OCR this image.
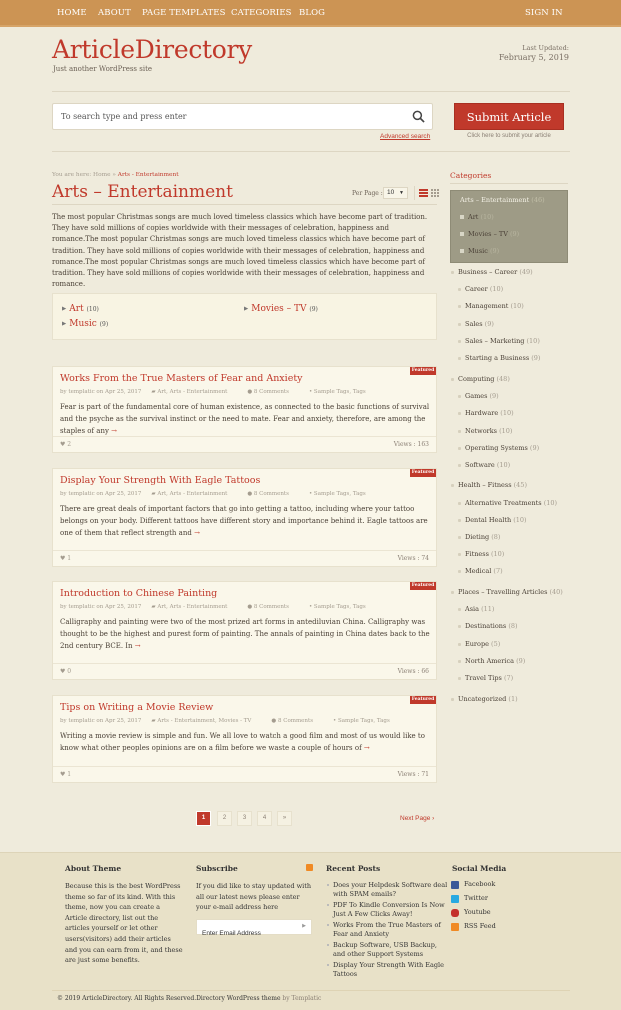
HOME ABOUT PAGE TEMPLATES CATEGORIES BLOG	SIGN IN
ArticleDirectory
Just another WordPress site
Last Updated:
February 5, 2019
To search type and press enter
Advanced search
Submit Article
Click here to submit your article
You are here: Home » Arts - Entertainment
Arts – Entertainment	Per Page : 10 ▼
The most popular Christmas songs are much loved timeless classics which have become part of tradition. They have sold millions of copies worldwide with their messages of celebration, happiness and romance.The most popular Christmas songs are much loved timeless classics which have become part of tradition. They have sold millions of copies worldwide with their messages of celebration, happiness and romance.The most popular Christmas songs are much loved timeless classics which have become part of tradition. They have sold millions of copies worldwide with their messages of celebration, happiness and romance.
▶ Art (10)	▶ Movies – TV (9)
▶ Music (9)
Featured
Works From the True Masters of Fear and Anxiety
by templatic on Apr 25, 2017 ▰ Art, Arts - Entertainment	● 8 Comments	• Sample Tags, Tags
Fear is part of the fundamental core of human existence, as connected to the basic functions of survival and the psyche as the survival instinct or the need to mate. Fear and anxiety, therefore, are among the staples of any →
♥ 2	Views : 163
Featured
Display Your Strength With Eagle Tattoos
by templatic on Apr 25, 2017 ▰ Art, Arts - Entertainment	● 8 Comments	• Sample Tags, Tags
There are great deals of important factors that go into getting a tattoo, including where your tattoo belongs on your body. Different tattoos have different story and importance behind it. Eagle tattoos are one of them that reflect strength and →
♥ 1	Views : 74
Featured
Introduction to Chinese Painting
by templatic on Apr 25, 2017 ▰ Art, Arts - Entertainment	● 8 Comments	• Sample Tags, Tags
Calligraphy and painting were two of the most prized art forms in antediluvian China. Calligraphy was thought to be the highest and purest form of painting. The annals of painting in China dates back to the 2nd century BCE. In →
♥ 0	Views : 66
Featured
Tips on Writing a Movie Review
by templatic on Apr 25, 2017 ▰ Arts - Entertainment, Movies - TV	● 8 Comments	• Sample Tags, Tags
Writing a movie review is simple and fun. We all love to watch a good film and most of us would like to know what other peoples opinions are on a film before we waste a couple of hours of →
♥ 1	Views : 71
1	2	3	4	»	Next Page ›
Categories
Arts – Entertainment (46)
Art (10)
Movies – TV (9)
Music (9)
Business – Career (49)
Career (10)
Management (10)
Sales (9)
Sales – Marketing (10)
Starting a Business (9)
Computing (48)
Games (9)
Hardware (10)
Networks (10)
Operating Systems (9)
Software (10)
Health – Fitness (45)
Alternative Treatments (10)
Dental Health (10)
Dieting (8)
Fitness (10)
Medical (7)
Places – Travelling Articles (40)
Asia (11)
Destinations (8)
Europe (5)
North America (9)
Travel Tips (7)
Uncategorized (1)
About Theme
Because this is the best WordPress theme so far of its kind. With this theme, now you can create a Article directory, list out the articles yourself or let other users(visitors) add their articles and you can earn from it, and these are just some benefits.
Subscribe
If you did like to stay updated with all our latest news please enter your e-mail address here
Enter Email Address
▶
Recent Posts
Does your Helpdesk Software deal with SPAM emails?
PDF To Kindle Conversion Is Now Just A Few Clicks Away!
Works From the True Masters of Fear and Anxiety
Backup Software, USB Backup, and other Support Systems
Display Your Strength With Eagle Tattoos
Social Media
Facebook
Twitter
Youtube
RSS Feed
© 2019 ArticleDirectory. All Rights Reserved.Directory WordPress theme by Templatic
